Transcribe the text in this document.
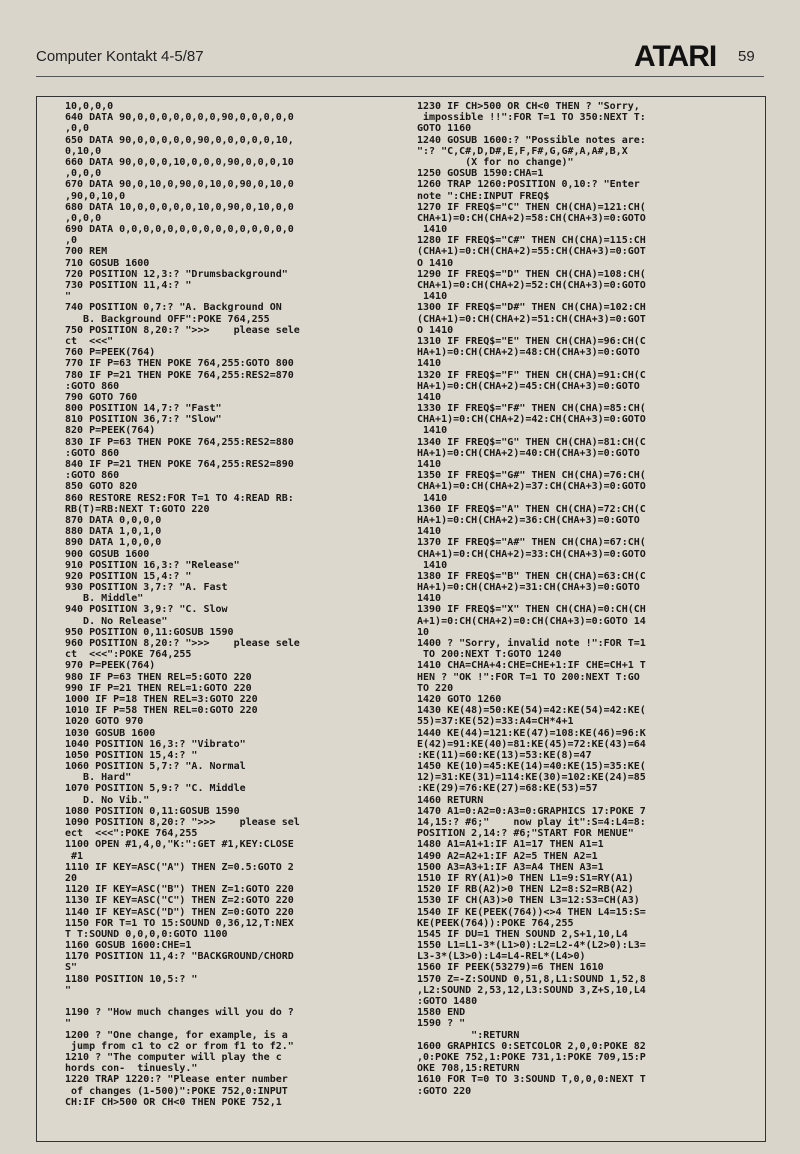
Computer Kontakt 4-5/87	ATARI 59
10,0,0,0
640 DATA 90,0,0,0,0,0,0,0,90,0,0,0,0,0
,0,0
650 DATA 90,0,0,0,0,0,90,0,0,0,0,0,10,
0,10,0
660 DATA 90,0,0,0,10,0,0,0,90,0,0,0,10
,0,0,0
670 DATA 90,0,10,0,90,0,10,0,90,0,10,0
,90,0,10,0
680 DATA 10,0,0,0,0,0,10,0,90,0,10,0,0
,0,0,0
690 DATA 0,0,0,0,0,0,0,0,0,0,0,0,0,0,0
,0
700 REM
710 GOSUB 1600
720 POSITION 12,3:? "Drumsbackground"
730 POSITION 11,4:? "
"
740 POSITION 0,7:? "A. Background ON
B. Background OFF":POKE 764,255
750 POSITION 8,20:? ">>>    please sele
ct  <<<"
760 P=PEEK(764)
770 IF P=63 THEN POKE 764,255:GOTO 800
780 IF P=21 THEN POKE 764,255:RES2=870
:GOTO 860
790 GOTO 760
800 POSITION 14,7:? "Fast"
810 POSITION 36,7:? "Slow"
820 P=PEEK(764)
830 IF P=63 THEN POKE 764,255:RES2=880
:GOTO 860
840 IF P=21 THEN POKE 764,255:RES2=890
:GOTO 860
850 GOTO 820
860 RESTORE RES2:FOR T=1 TO 4:READ RB:
RB(T)=RB:NEXT T:GOTO 220
870 DATA 0,0,0,0
880 DATA 1,0,1,0
890 DATA 1,0,0,0
900 GOSUB 1600
910 POSITION 16,3:? "Release"
920 POSITION 15,4:? "
930 POSITION 3,7:? "A. Fast
B. Middle"
940 POSITION 3,9:? "C. Slow
D. No Release"
950 POSITION 0,11:GOSUB 1590
960 POSITION 8,20:? ">>>    please sele
ct  <<<":POKE 764,255
970 P=PEEK(764)
980 IF P=63 THEN REL=5:GOTO 220
990 IF P=21 THEN REL=1:GOTO 220
1000 IF P=18 THEN REL=3:GOTO 220
1010 IF P=58 THEN REL=0:GOTO 220
1020 GOTO 970
1030 GOSUB 1600
1040 POSITION 16,3:? "Vibrato"
1050 POSITION 15,4:? "
1060 POSITION 5,7:? "A. Normal
B. Hard"
1070 POSITION 5,9:? "C. Middle
D. No Vib."
1080 POSITION 0,11:GOSUB 1590
1090 POSITION 8,20:? ">>>    please sel
ect  <<<":POKE 764,255
1100 OPEN #1,4,0,"K:":GET #1,KEY:CLOSE
#1
1110 IF KEY=ASC("A") THEN Z=0.5:GOTO 2
20
1120 IF KEY=ASC("B") THEN Z=1:GOTO 220
1130 IF KEY=ASC("C") THEN Z=2:GOTO 220
1140 IF KEY=ASC("D") THEN Z=0:GOTO 220
1150 FOR T=1 TO 15:SOUND 0,36,12,T:NEX
T T:SOUND 0,0,0,0:GOTO 1100
1160 GOSUB 1600:CHE=1
1170 POSITION 11,4:? "BACKGROUND/CHORD
S"
1180 POSITION 10,5:? "
"
1190 ? "How much changes will you do ?
"
1200 ? "One change, for example, is a
jump from c1 to c2 or from f1 to f2."
1210 ? "The computer will play the c
hords con-  tinuesly."
1220 TRAP 1220:? "Please enter number
of changes (1-500)":POKE 752,0:INPUT
CH:IF CH>500 OR CH<0 THEN POKE 752,1
1230 IF CH>500 OR CH<0 THEN ? "Sorry,
impossible !!":FOR T=1 TO 350:NEXT T:
GOTO 1160
1240 GOSUB 1600:? "Possible notes are:
":? "C,C#,D,D#,E,F,F#,G,G#,A,A#,B,X
(X for no change)"
1250 GOSUB 1590:CHA=1
1260 TRAP 1260:POSITION 0,10:? "Enter
note ":CHE:INPUT FREQ$
1270 IF FREQ$="C" THEN CH(CHA)=121:CH(
CHA+1)=0:CH(CHA+2)=58:CH(CHA+3)=0:GOTO
1410
1280 IF FREQ$="C#" THEN CH(CHA)=115:CH
(CHA+1)=0:CH(CHA+2)=55:CH(CHA+3)=0:GOT
O 1410
1290 IF FREQ$="D" THEN CH(CHA)=108:CH(
CHA+1)=0:CH(CHA+2)=52:CH(CHA+3)=0:GOTO
1410
1300 IF FREQ$="D#" THEN CH(CHA)=102:CH
(CHA+1)=0:CH(CHA+2)=51:CH(CHA+3)=0:GOT
O 1410
1310 IF FREQ$="E" THEN CH(CHA)=96:CH(C
HA+1)=0:CH(CHA+2)=48:CH(CHA+3)=0:GOTO
1410
1320 IF FREQ$="F" THEN CH(CHA)=91:CH(C
HA+1)=0:CH(CHA+2)=45:CH(CHA+3)=0:GOTO
1410
1330 IF FREQ$="F#" THEN CH(CHA)=85:CH(
CHA+1)=0:CH(CHA+2)=42:CH(CHA+3)=0:GOTO
1410
1340 IF FREQ$="G" THEN CH(CHA)=81:CH(C
HA+1)=0:CH(CHA+2)=40:CH(CHA+3)=0:GOTO
1410
1350 IF FREQ$="G#" THEN CH(CHA)=76:CH(
CHA+1)=0:CH(CHA+2)=37:CH(CHA+3)=0:GOTO
1410
1360 IF FREQ$="A" THEN CH(CHA)=72:CH(C
HA+1)=0:CH(CHA+2)=36:CH(CHA+3)=0:GOTO
1410
1370 IF FREQ$="A#" THEN CH(CHA)=67:CH(
CHA+1)=0:CH(CHA+2)=33:CH(CHA+3)=0:GOTO
1410
1380 IF FREQ$="B" THEN CH(CHA)=63:CH(C
HA+1)=0:CH(CHA+2)=31:CH(CHA+3)=0:GOTO
1410
1390 IF FREQ$="X" THEN CH(CHA)=0:CH(CH
A+1)=0:CH(CHA+2)=0:CH(CHA+3)=0:GOTO 14
10
1400 ? "Sorry, invalid note !":FOR T=1
TO 200:NEXT T:GOTO 1240
1410 CHA=CHA+4:CHE=CHE+1:IF CHE=CH+1 T
HEN ? "OK !":FOR T=1 TO 200:NEXT T:GO
TO 220
1420 GOTO 1260
1430 KE(48)=50:KE(54)=42:KE(54)=42:KE(
55)=37:KE(52)=33:A4=CH*4+1
1440 KE(44)=121:KE(47)=108:KE(46)=96:K
E(42)=91:KE(40)=81:KE(45)=72:KE(43)=64
:KE(11)=60:KE(13)=53:KE(8)=47
1450 KE(10)=45:KE(14)=40:KE(15)=35:KE(
12)=31:KE(31)=114:KE(30)=102:KE(24)=85
:KE(29)=76:KE(27)=68:KE(53)=57
1460 RETURN
1470 A1=0:A2=0:A3=0:GRAPHICS 17:POKE 7
14,15:? #6;"    now play it":S=4:L4=8:
POSITION 2,14:? #6;"START FOR MENUE"
1480 A1=A1+1:IF A1=17 THEN A1=1
1490 A2=A2+1:IF A2=5 THEN A2=1
1500 A3=A3+1:IF A3=A4 THEN A3=1
1510 IF RY(A1)>0 THEN L1=9:S1=RY(A1)
1520 IF RB(A2)>0 THEN L2=8:S2=RB(A2)
1530 IF CH(A3)>0 THEN L3=12:S3=CH(A3)
1540 IF KE(PEEK(764))<>4 THEN L4=15:S=
KE(PEEK(764)):POKE 764,255
1545 IF DU=1 THEN SOUND 2,S+1,10,L4
1550 L1=L1-3*(L1>0):L2=L2-4*(L2>0):L3=
L3-3*(L3>0):L4=L4-REL*(L4>0)
1560 IF PEEK(53279)=6 THEN 1610
1570 Z=-Z:SOUND 0,51,8,L1:SOUND 1,52,8
,L2:SOUND 2,53,12,L3:SOUND 3,Z+S,10,L4
:GOTO 1480
1580 END
1590 ? "
":RETURN
1600 GRAPHICS 0:SETCOLOR 2,0,0:POKE 82
,0:POKE 752,1:POKE 731,1:POKE 709,15:P
OKE 708,15:RETURN
1610 FOR T=0 TO 3:SOUND T,0,0,0:NEXT T
:GOTO 220
